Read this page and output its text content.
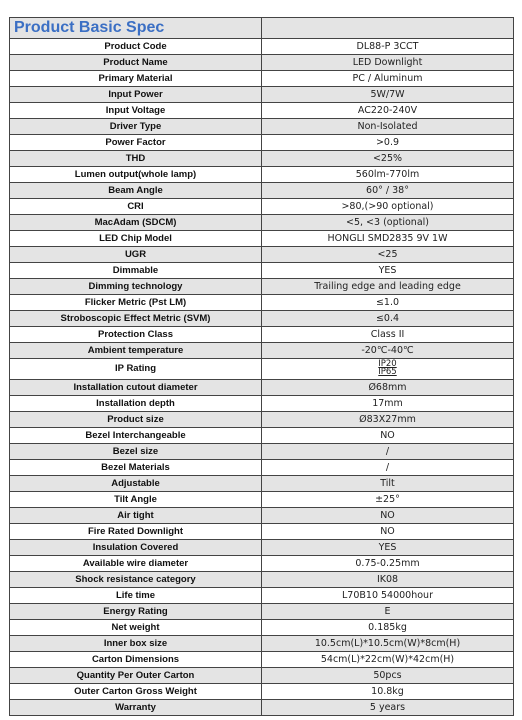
Product Basic Spec	
Product Code	DL88-P 3CCT
Product Name	LED Downlight
Primary Material	PC / Aluminum
Input Power	5W/7W
Input Voltage	AC220-240V
Driver Type	Non-Isolated
Power Factor	>0.9
THD	<25%
Lumen output(whole lamp)	560lm-770lm
Beam Angle	60° / 38°
CRI	>80,(>90 optional)
MacAdam (SDCM)	<5, <3 (optional)
LED Chip Model	HONGLI SMD2835 9V 1W
UGR	<25
Dimmable	YES
Dimming technology	Trailing edge and leading edge
Flicker Metric (Pst LM)	≤1.0
Stroboscopic Effect Metric (SVM)	≤0.4
Protection Class	Class II
Ambient temperature	-20℃-40℃
IP Rating	$\frac{IP20}{IP65}$

Installation cutout diameter	Ø68mm
Installation depth	17mm
Product size	Ø83X27mm
Bezel Interchangeable	NO
Bezel size	/
Bezel Materials	/
Adjustable	Tilt
Tilt Angle	±25°
Air tight	NO
Fire Rated Downlight	NO
Insulation Covered	YES
Available wire diameter	0.75-0.25mm
Shock resistance category	IK08
Life time	L70B10 54000hour
Energy Rating	E
Net weight	0.185kg
Inner box size	10.5cm(L)*10.5cm(W)*8cm(H)
Carton Dimensions	54cm(L)*22cm(W)*42cm(H)
Quantity Per Outer Carton	50pcs
Outer Carton Gross Weight	10.8kg
Warranty	5 years
